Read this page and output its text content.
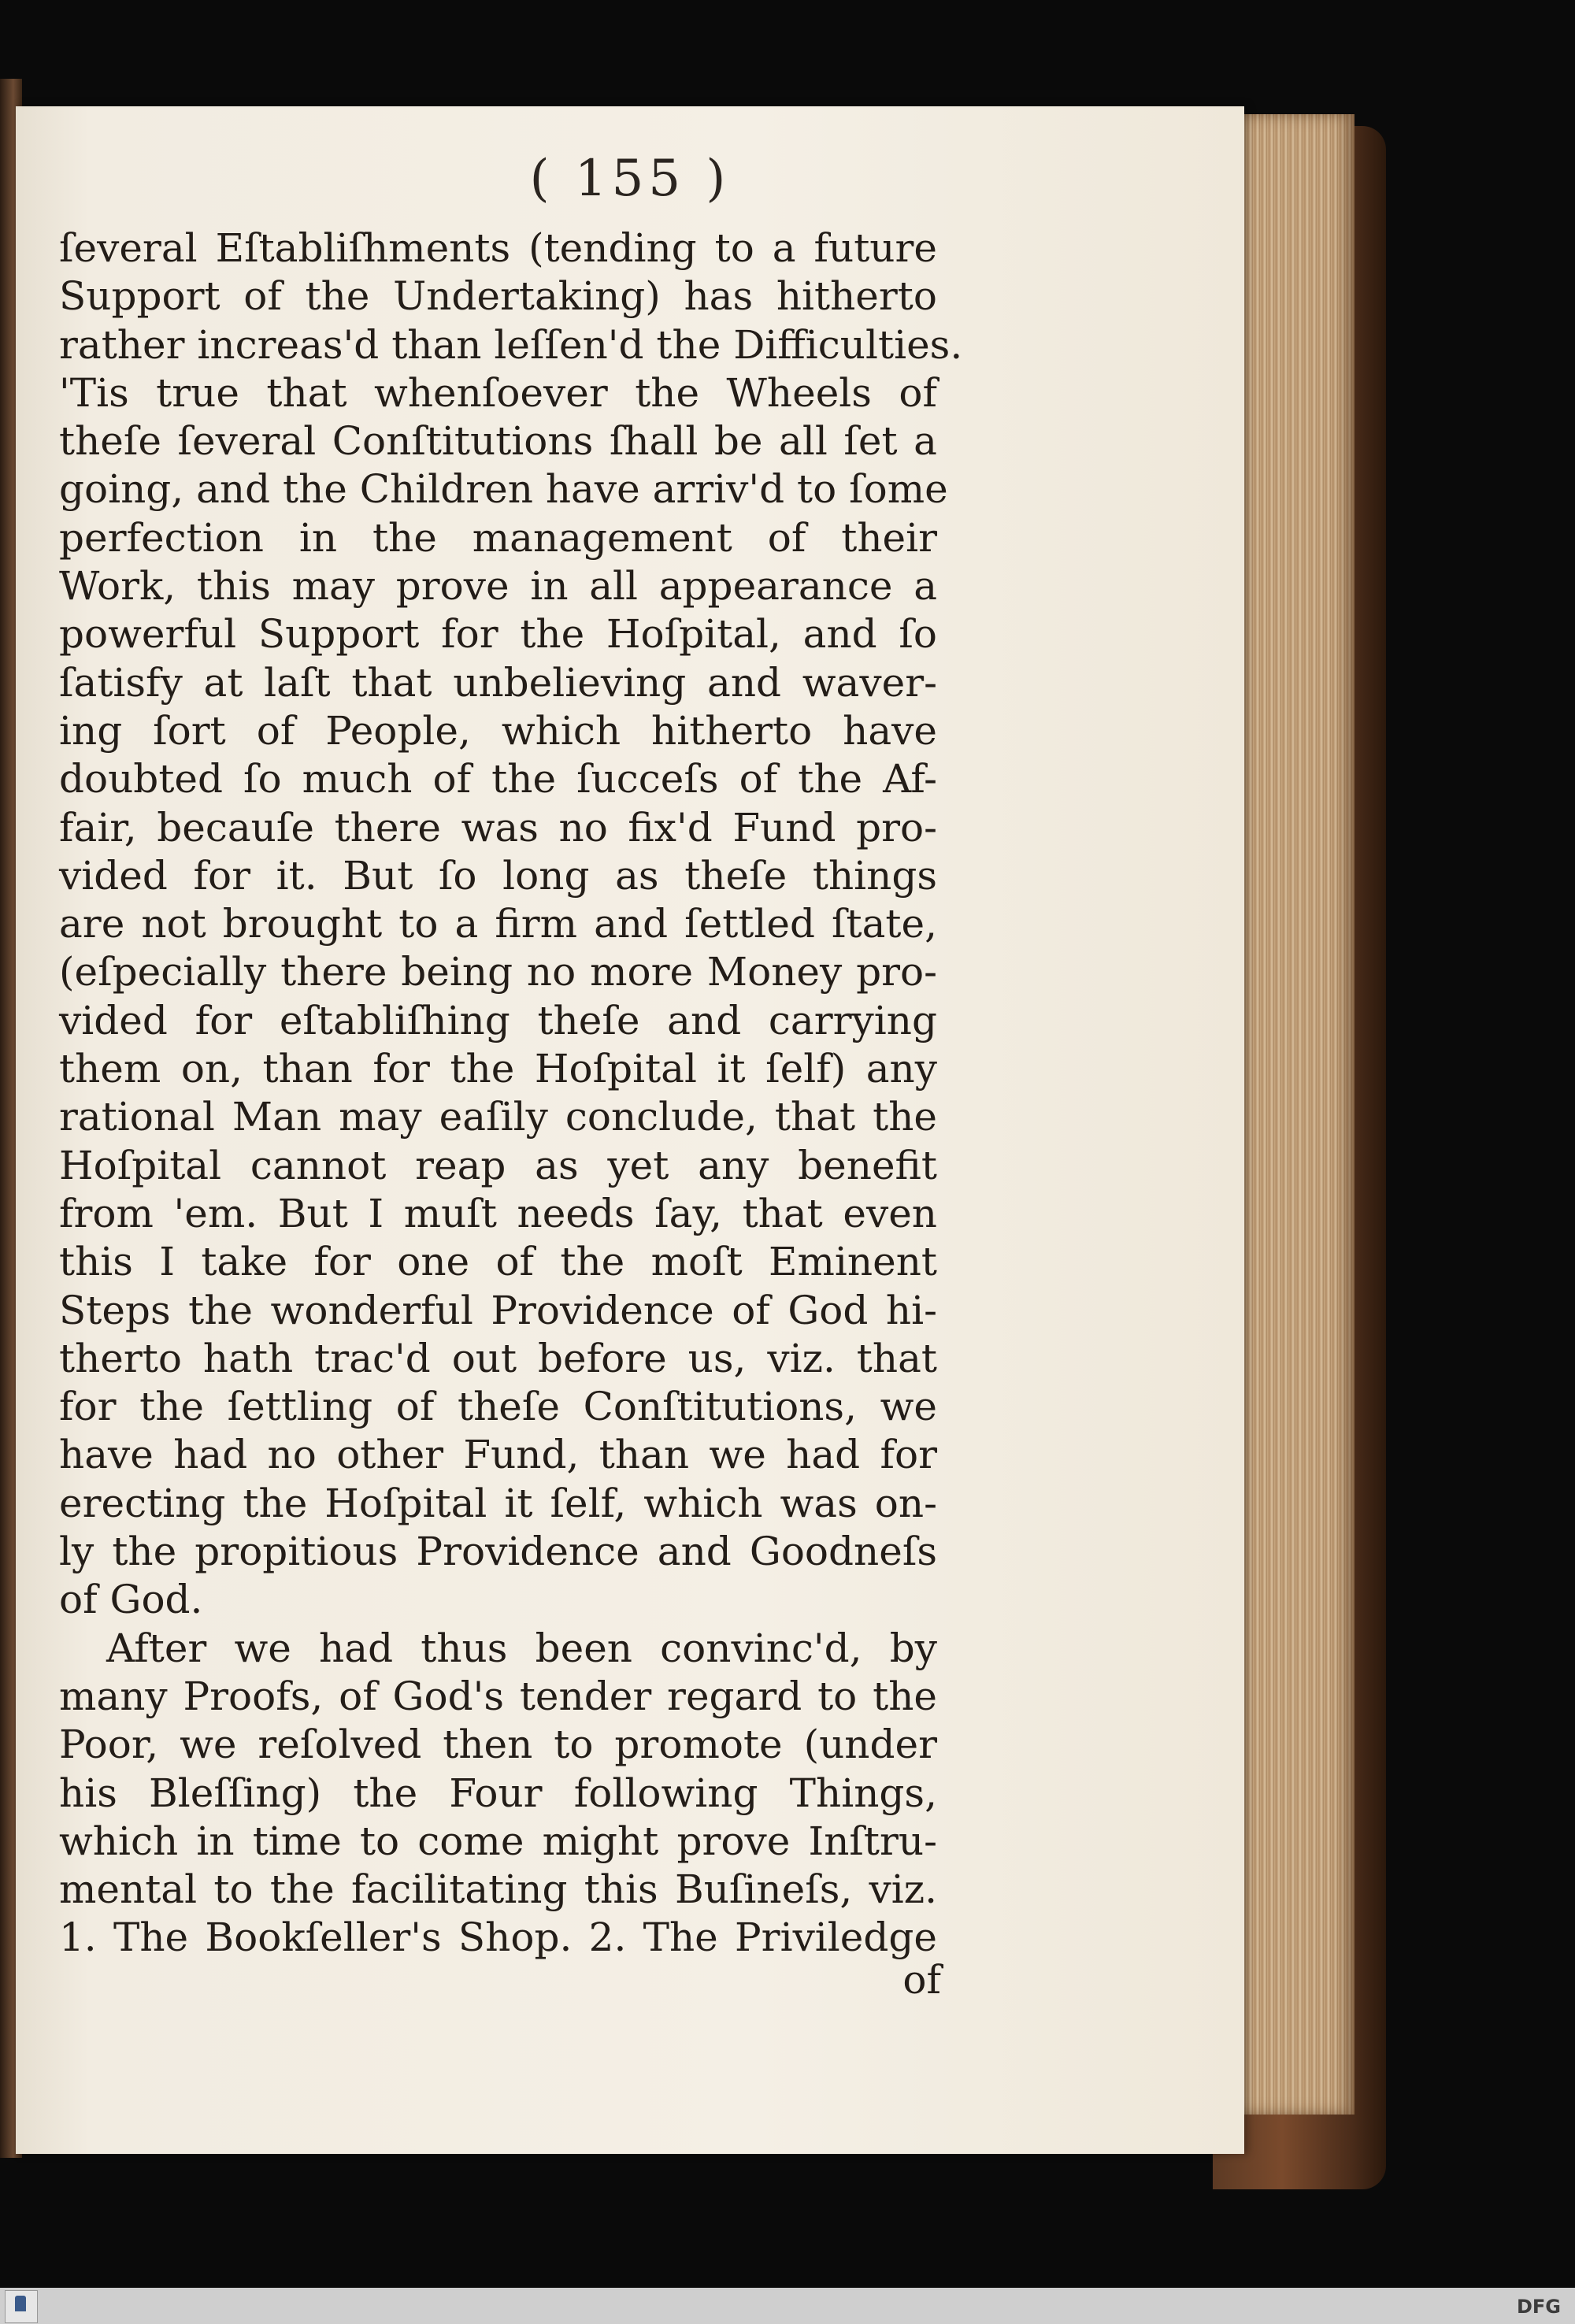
( 155 )
ſeveral Eſtabliſhments (tending to a future
Support of the Undertaking) has hitherto
rather increas'd than leſſen'd the Difficulties.
'Tis true that whenſoever the Wheels of
theſe ſeveral Conſtitutions ſhall be all ſet a
going, and the Children have arriv'd to ſome
perfection in the management of their
Work, this may prove in all appearance a
powerful Support for the Hoſpital, and ſo
ſatisfy at laſt that unbelieving and waver-
ing ſort of People, which hitherto have
doubted ſo much of the ſucceſs of the Af-
fair, becauſe there was no fix'd Fund pro-
vided for it. But ſo long as theſe things
are not brought to a firm and ſettled ſtate,
(eſpecially there being no more Money pro-
vided for eſtabliſhing theſe and carrying
them on, than for the Hoſpital it ſelf) any
rational Man may eaſily conclude, that the
Hoſpital cannot reap as yet any benefit
from 'em. But I muſt needs ſay, that even
this I take for one of the moſt Eminent
Steps the wonderful Providence of God hi-
therto hath trac'd out before us, viz. that
for the ſettling of theſe Conſtitutions, we
have had no other Fund, than we had for
erecting the Hoſpital it ſelf, which was on-
ly the propitious Providence and Goodneſs
of God.
After we had thus been convinc'd, by
many Proofs, of God's tender regard to the
Poor, we reſolved then to promote (under
his Bleſſing) the Four following Things,
which in time to come might prove Inſtru-
mental to the facilitating this Buſineſs, viz.
1. The Bookſeller's Shop. 2. The Priviledge
of
DFG
